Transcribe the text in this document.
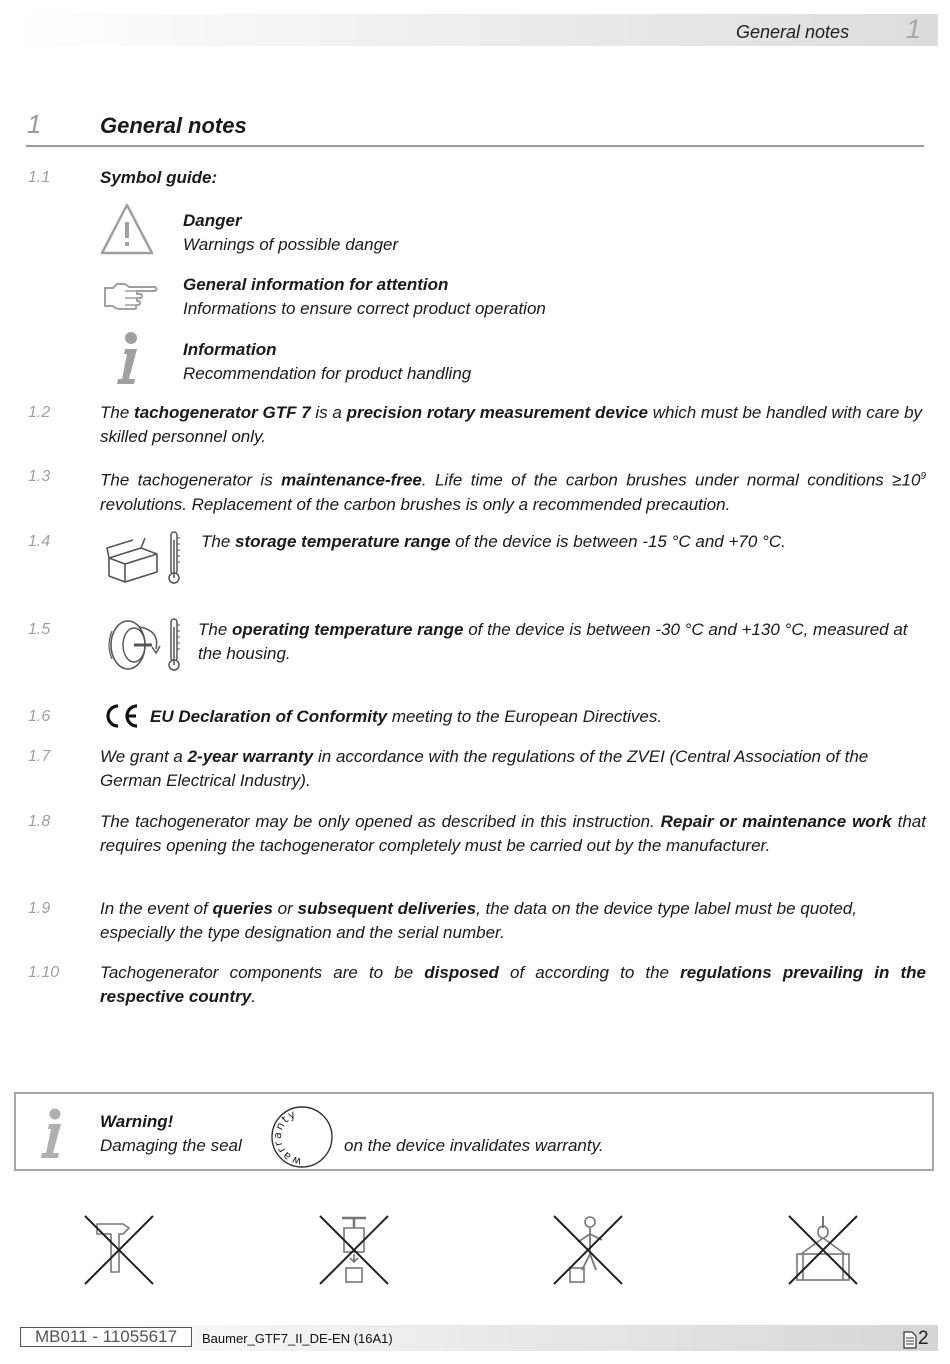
General notes 1
1	General notes
1.1	Symbol guide:
Danger
Warnings of possible danger
General information for attention
Informations to ensure correct product operation
Information
Recommendation for product handling
1.2	The tachogenerator GTF 7 is a precision rotary measurement device which must be handled with care by skilled personnel only.
1.3	The tachogenerator is maintenance-free. Life time of the carbon brushes under normal conditions $\ge 10^9$ revolutions. Replacement of the carbon brushes is only a recommended precaution.
1.4	The storage temperature range of the device is between -15 °C and +70 °C.
1.5	The operating temperature range of the device is between -30 °C and +130 °C, measured at the housing.
1.6	EU Declaration of Conformity meeting to the European Directives.
1.7	We grant a 2-year warranty in accordance with the regulations of the ZVEI (Central Association of the German Electrical Industry).
1.8	The tachogenerator may be only opened as described in this instruction. Repair or maintenance work that requires opening the tachogenerator completely must be carried out by the manufacturer.
1.9	In the event of queries or subsequent deliveries, the data on the device type label must be quoted, especially the type designation and the serial number.
1.10 Tachogenerator components are to be disposed of according to the regulations prevailing in the respective country.
Warning!
Damaging the seal
warranty
on the device invalidates warranty.
MB011 - 11055617	Baumer_GTF7_II_DE-EN (16A1)	2
